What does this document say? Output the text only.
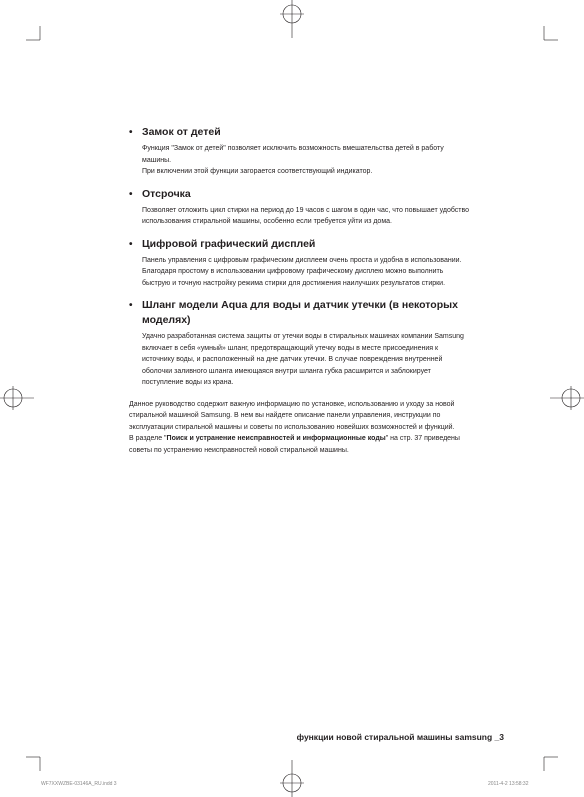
• Замок от детей

Функция "Замок от детей" позволяет исключить возможность вмешательства детей в работу

машины.

При включении этой функции загорается соответствующий индикатор.

• Отсрочка

Позволяет отложить цикл стирки на период до 19 часов с шагом в один час, что повышает удобство

использования стиральной машины, особенно если требуется уйти из дома.

• Цифровой графический дисплей

Панель управления с цифровым графическим дисплеем очень проста и удобна в использовании.

Благодаря простому в использовании цифровому графическому дисплею можно выполнить

быструю и точную настройку режима стирки для достижения наилучших результатов стирки.

• Шланг модели Aqua для воды и датчик утечки (в некоторых моделях)

Удачно разработанная система защиты от утечки воды в стиральных машинах компании Samsung

включает в себя «умный» шланг, предотвращающий утечку воды в месте присоединения к

источнику воды, и расположенный на дне датчик утечки. В случае повреждения внутренней

оболочки заливного шланга имеющаяся внутри шланга губка расширится и заблокирует

поступление воды из крана.

Данное руководство содержит важную информацию по установке, использованию и уходу за новой
стиральной машиной Samsung. В нем вы найдете описание панели управления, инструкции по
эксплуатации стиральной машины и советы по использованию новейших возможностей и функций.
В разделе "Поиск и устранение неисправностей и информационные коды" на стр. 37 приведены
советы по устранению неисправностей новой стиральной машины.
функции новой стиральной машины samsung _3
WF7XXWZBE-03146A_RU.indd 3	2011-4-2 13:58:32
